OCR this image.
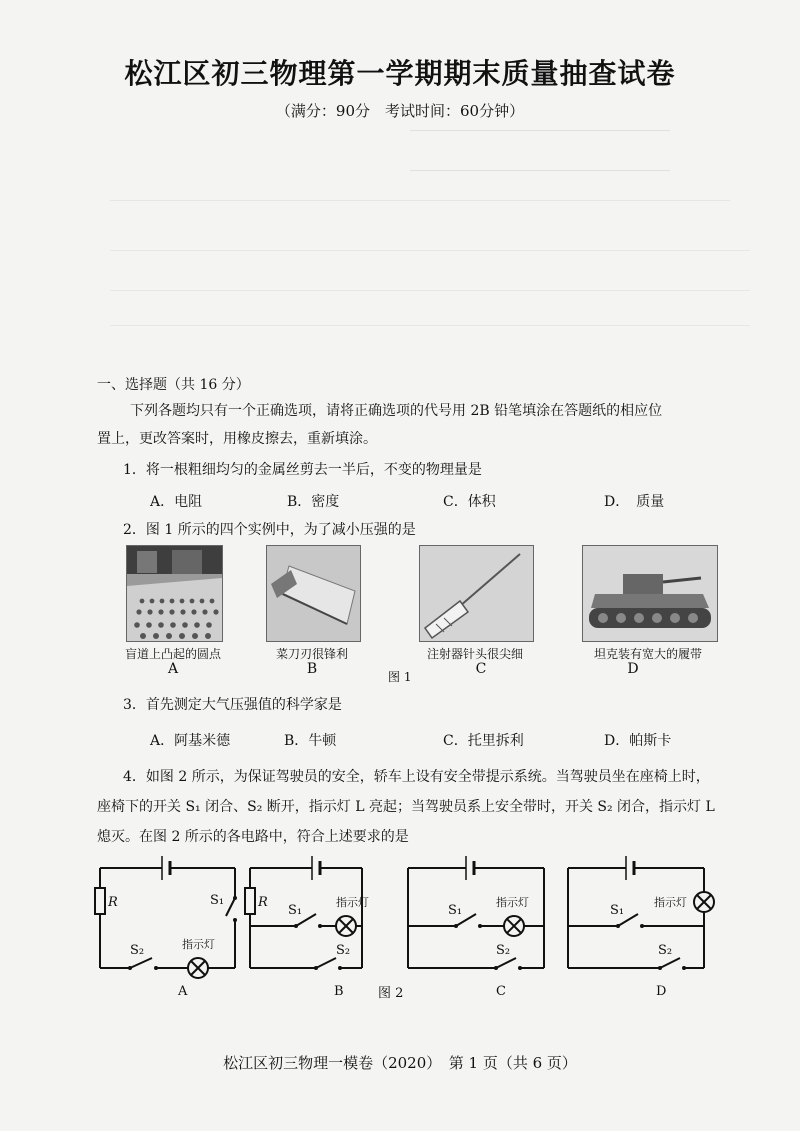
松江区初三物理第一学期期末质量抽查试卷
（满分：90分　考试时间：60分钟）
一、选择题（共 16 分）
下列各题均只有一个正确选项，请将正确选项的代号用 2B 铅笔填涂在答题纸的相应位
置上，更改答案时，用橡皮擦去，重新填涂。
1．将一根粗细均匀的金属丝剪去一半后，不变的物理量是
A．电阻	B．密度	C．体积	D．　质量
2．图 1 所示的四个实例中，为了减小压强的是
盲道上凸起的圆点
A
菜刀刃很锋利
B
注射器针头很尖细
C
坦克装有宽大的履带
D
图 1
3．首先测定大气压强值的科学家是
A．阿基米德	B．牛顿	C．托里拆利	D．帕斯卡
4．如图 2 所示，为保证驾驶员的安全，轿车上设有安全带提示系统。当驾驶员坐在座椅上时，
座椅下的开关 S₁ 闭合、S₂ 断开，指示灯 L 亮起；当驾驶员系上安全带时，开关 S₂ 闭合，指示灯 L
熄灭。在图 2 所示的各电路中，符合上述要求的是
R	S₁
S₂	指示灯
A
R
S₁
指示灯
S₂
B	图 2
S₁
指示灯
S₂
C
S₁
指示灯
S₂
D
松江区初三物理一模卷（2020）　第 1 页（共 6 页）
